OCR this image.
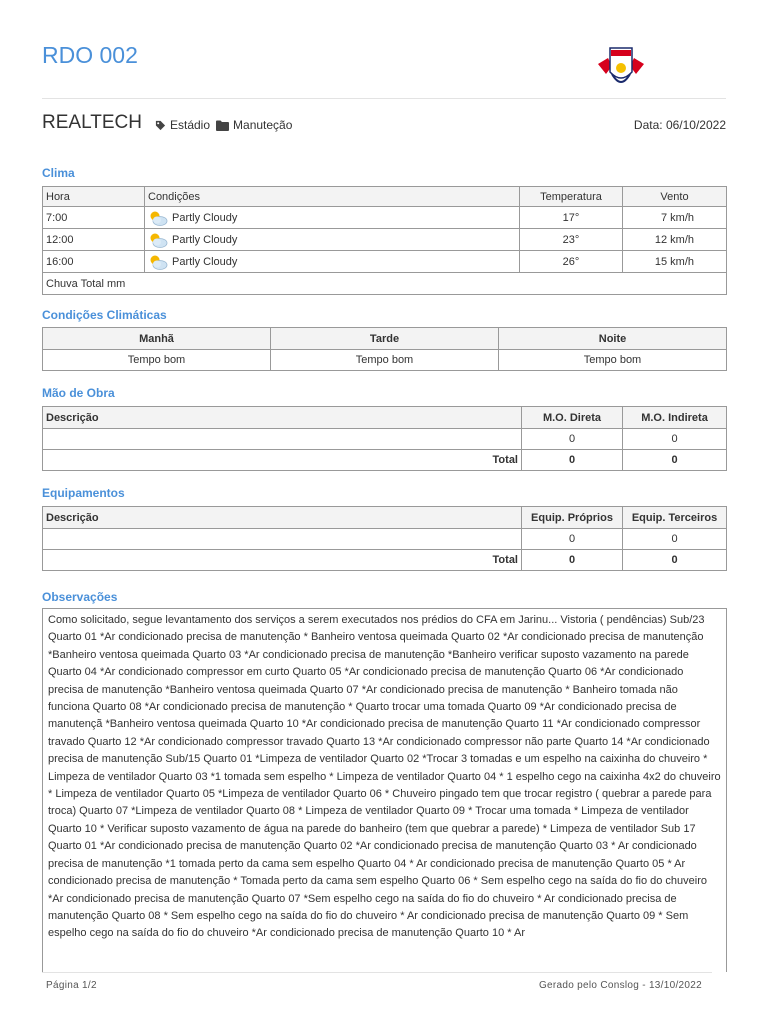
RDO 002
REALTECH Estádio Manuteção	Data: 06/10/2022
Clima
Hora	Condições	Temperatura	Vento
7:00	Partly Cloudy	17°	7 km/h
12:00	Partly Cloudy	23°	12 km/h
16:00	Partly Cloudy	26°	15 km/h
Chuva Total mm			
Condições Climáticas
Manhã	Tarde	Noite
Tempo bom	Tempo bom	Tempo bom
Mão de Obra
Descrição	M.O. Direta	M.O. Indireta
	0	0
Total	0	0
Equipamentos
Descrição	Equip. Próprios	Equip. Terceiros
	0	0
Total	0	0
Observações
Como solicitado, segue levantamento dos serviços a serem executados nos prédios do CFA em Jarinu... Vistoria ( pendências) Sub/23 Quarto 01 *Ar condicionado precisa de manutenção * Banheiro ventosa queimada Quarto 02 *Ar condicionado precisa de manutenção *Banheiro ventosa queimada Quarto 03 *Ar condicionado precisa de manutenção *Banheiro verificar suposto vazamento na parede Quarto 04 *Ar condicionado compressor em curto Quarto 05 *Ar condicionado precisa de manutenção Quarto 06 *Ar condicionado precisa de manutenção *Banheiro ventosa queimada Quarto 07 *Ar condicionado precisa de manutenção * Banheiro tomada não funciona Quarto 08 *Ar condicionado precisa de manutenção * Quarto trocar uma tomada Quarto 09 *Ar condicionado precisa de manutençã *Banheiro ventosa queimada Quarto 10 *Ar condicionado precisa de manutenção Quarto 11 *Ar condicionado compressor travado Quarto 12 *Ar condicionado compressor travado Quarto 13 *Ar condicionado compressor não parte Quarto 14 *Ar condicionado precisa de manutenção Sub/15 Quarto 01 *Limpeza de ventilador Quarto 02 *Trocar 3 tomadas e um espelho na caixinha do chuveiro * Limpeza de ventilador Quarto 03 *1 tomada sem espelho * Limpeza de ventilador Quarto 04 * 1 espelho cego na caixinha 4x2 do chuveiro * Limpeza de ventilador Quarto 05 *Limpeza de ventilador Quarto 06 * Chuveiro pingado tem que trocar registro ( quebrar a parede para troca) Quarto 07 *Limpeza de ventilador Quarto 08 * Limpeza de ventilador Quarto 09 * Trocar uma tomada * Limpeza de ventilador Quarto 10 * Verificar suposto vazamento de água na parede do banheiro (tem que quebrar a parede) * Limpeza de ventilador Sub 17 Quarto 01 *Ar condicionado precisa de manutenção Quarto 02 *Ar condicionado precisa de manutenção Quarto 03 * Ar condicionado precisa de manutenção *1 tomada perto da cama sem espelho Quarto 04 * Ar condicionado precisa de manutenção Quarto 05 * Ar condicionado precisa de manutenção * Tomada perto da cama sem espelho Quarto 06 * Sem espelho cego na saída do fio do chuveiro *Ar condicionado precisa de manutenção Quarto 07 *Sem espelho cego na saída do fio do chuveiro * Ar condicionado precisa de manutenção Quarto 08 * Sem espelho cego na saída do fio do chuveiro * Ar condicionado precisa de manutenção Quarto 09 * Sem espelho cego na saída do fio do chuveiro *Ar condicionado precisa de manutenção Quarto 10 * Ar
Página 1/2	Gerado pelo Conslog - 13/10/2022
